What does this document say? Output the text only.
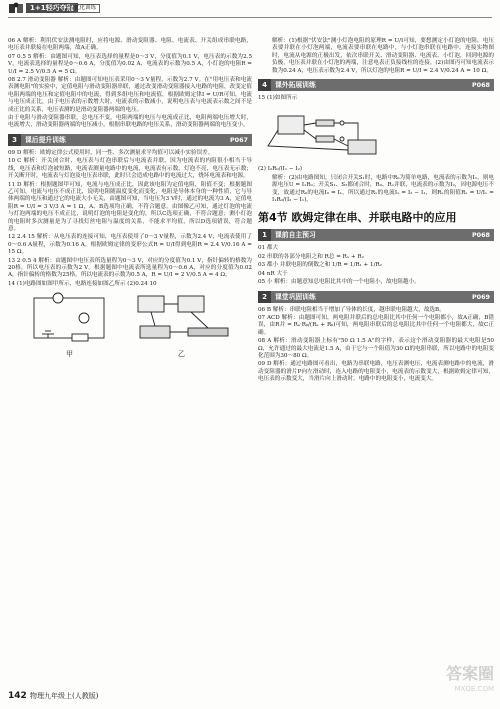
1+1轻巧夺冠 优化训练

06 A 解析：利用伏安法测电阻时，应将电源、滑动变阻器、电阻、电流表、开关组成串联电路，电压表并联接在电阻两端，故A正确。

07 0.5 5 解析：由题图可知，电压表选择的量程是0～3 V，分度值为0.1 V，电压表的示数为2.5 V，电流表选择的量程是0～0.6 A，分度值为0.02 A，电流表的示数为0.5 A，小灯泡的电阻R = U/I = 2.5 V/0.5 A = 5 Ω。

08 2.7 滑动变阻器 解析：由题图可知电压表采用0～3 V量程，示数为2.7 V。在"用电压表和电流表测电阻"的实验中，定值电阻与滑动变阻器串联，通过改变滑动变阻器接入电路的电阻，改变定值电阻两端的电压和定值电阻中的电流，得到多组电压和电流值，根据欧姆定律I = U/R可知，电流与电压成正比，由于电压表的示数增大时，电流表的示数减小，说明电压表与电流表示数之间不是成正比的关系，电压表测的是滑动变阻器两端的电压。

由于电阻与滑动变阻器串联，总电压不变，电阻两端的电压与电流成正比，电阻两端电压增大时，电流增大，滑动变阻器两端的电压减小，根据串联电路的电压关系，滑动变阻器两端的电压变小。

3	课后提升训练	P067

09 D 解析：欧姆定律公式使用时，同一性、多次测量求平均值可以减小实验误差。

10 C 解析：开关闭合时，电压表与灯泡串联后与电流表并联，因为电流表的内阻很小相当于导线，电压表和灯泡被短路，电流表测量电路中的电流，电流表有示数，灯泡不亮，电压表无示数；开关断开时，电流表与灯泡及电压表串联，此时只会造成电路中的电流过大，烧坏电流表和电源。

11 D 解析：根据题图甲可知，电流与电压成正比，因此该电阻为定值电阻，阻值不变；根据题图乙可知，电流与电压不成正比，说明电阻随温度变化而变化，电阻是导体本身的一种性质，它与导体两端的电压和通过它的电流大小无关，由题图可知，当电压为3 V时，通过的电流为3 A，定值电阻R = U/I = 3 V/3 A = 1 Ω，A、B选项均正确，不符合题意。由图像乙可知，通过灯泡的电流与灯泡两端的电压不成正比，说明灯泡的电阻是变化的，所以C选项正确，不符合题意；测小灯泡的电阻时多次测量是为了寻找灯丝电阻与温度的关系，不能求平均值，所以D选项错误，符合题意。

12 2.4 15 解析：从电压表的连接可知，电压表使用了0～3 V量程，示数为2.4 V，电流表使用了0～0.6 A量程，示数为0.16 A，根据欧姆定律的变形公式R = U/I得到电阻R = 2.4 V/0.16 A = 15 Ω。

13 2 0.5 4 解析：由题图中电压表所选量程为0～3 V，对应的分度值为0.1 V，指针偏转的格数为20格，所以电压表的示数为2 V。根据题图中电流表所选量程为0～0.6 A，对应的分度值为0.02 A，指针偏转的格数为25格，所以电流表的示数为0.5 A，R = U/I = 2 V/0.5 A = 4 Ω。

14 (1)电路图如图甲所示，电路连接如图乙所示 (2)0.24 10

甲	乙

解析：(1)根据"伏安法"测小灯泡电阻的原理R = U/I可知，要想测定小灯泡的电阻，电压表要并联在小灯泡两端，电流表要串联在电路中，与小灯泡串联在电路中。连接实物图时，电流从电源的正极出发，依次串联开关、滑动变阻器、电流表、小灯泡，回到电源的负极，电压表并联在小灯泡的两端，注意电表正负接线柱的连接。(2)由图丙可知电流表示数为0.24 A，电压表示数为2.4 V，所以灯泡的电阻R = U/I = 2.4 V/0.24 A = 10 Ω。

4	课外拓展训练	P068

15 (1)如图所示

(2) I₂R₀/(I₁ − I₂)

解析：(2)由电路图知，只闭合开关S₁时，电路中R₀为简单电路，电流表的示数为I₁，则电源电压U = I₁R₀；开关S₁、S₂都闭合时，R₀、Rₓ并联，电流表的示数为I₂，因电源电压不变，故通过R₀的电流I₀ = I₁，所以通过Rₓ的电流Iₓ = I₂ − I₁，则Rₓ的阻值Rₓ = U/Iₓ = I₁R₀/(I₂ − I₁)。

第4节 欧姆定律在串、并联电路中的应用
1	课前自主预习	P068

01 都大

02 串联的各部分电阻之和 R总 = R₁ + R₂

03 都小 并联电阻的倒数之和 1/R = 1/R₁ + 1/R₂

04 nR 大于

05 小 解析：由题意知总电阻比其中的一个电阻小，故电阻越小。

2	课堂巩固训练	P069

06 B 解析：串联电阻相当于增加了导体的长度，越串联电阻越大，故选B。

07 ACD 解析：由题图可知，两电阻并联后的总电阻比其中任何一个电阻都小，故A正确，B错误，由R并 = Rₐ·Rᵦ/(Rₐ + Rᵦ)可知，两电阻串联后的总电阻比其中任何一个电阻都大，故C正确。

08 A 解析：滑动变阻器上标有"50 Ω 1.5 A"的字样，表示这个滑动变阻器的最大电阻是50 Ω，允许通过的最大电流是1.5 A，由于它与一个阻值为30 Ω的电阻串联，所以电路中的电阻变化范围为30～80 Ω。

09 D 解析：通过电路图可看出，电路为串联电路，电压表测电压，电流表测电路中的电流，滑动变阻器的滑片P向左滑动时，连入电路的电阻变小，电流表的示数变大，根据欧姆定律可知，电压表的示数变大，当滑片向上滑动时，电路中的电阻变小，电流变大。

答案圈
MXQE.COM
142 物理九年级上(人教版)
